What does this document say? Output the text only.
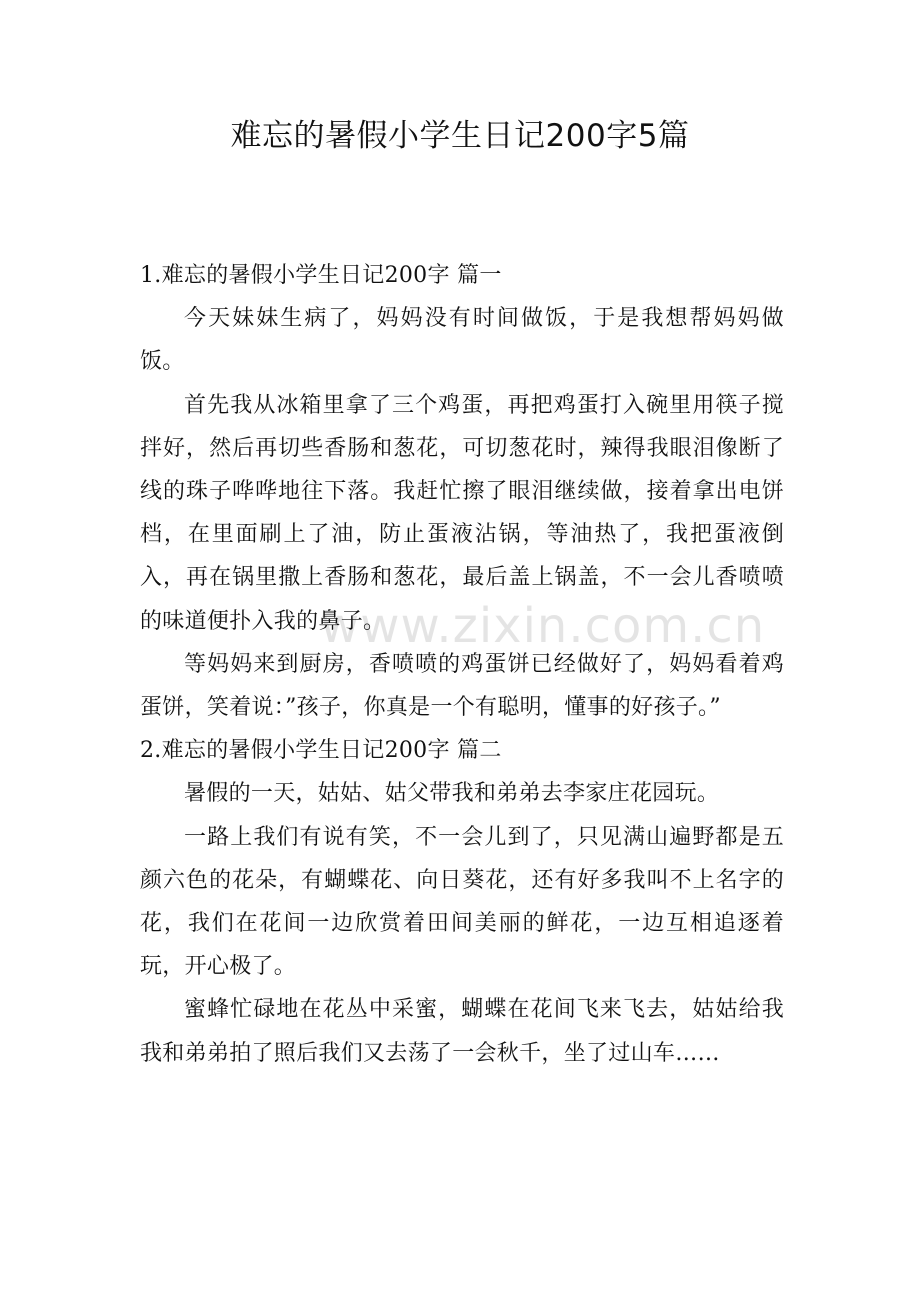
难忘的暑假小学生日记200字5篇
www.zixin.com.cn

1.难忘的暑假小学生日记200字 篇一

今天妹妹生病了，妈妈没有时间做饭，于是我想帮妈妈做饭。

首先我从冰箱里拿了三个鸡蛋，再把鸡蛋打入碗里用筷子搅拌好，然后再切些香肠和葱花，可切葱花时，辣得我眼泪像断了线的珠子哗哗地往下落。我赶忙擦了眼泪继续做，接着拿出电饼档，在里面刷上了油，防止蛋液沾锅，等油热了，我把蛋液倒入，再在锅里撒上香肠和葱花，最后盖上锅盖，不一会儿香喷喷的味道便扑入我的鼻子。

等妈妈来到厨房，香喷喷的鸡蛋饼已经做好了，妈妈看着鸡蛋饼，笑着说：”孩子，你真是一个有聪明，懂事的好孩子。”

2.难忘的暑假小学生日记200字 篇二

暑假的一天，姑姑、姑父带我和弟弟去李家庄花园玩。

一路上我们有说有笑，不一会儿到了，只见满山遍野都是五颜六色的花朵，有蝴蝶花、向日葵花，还有好多我叫不上名字的花，我们在花间一边欣赏着田间美丽的鲜花，一边互相追逐着玩，开心极了。

蜜蜂忙碌地在花丛中采蜜，蝴蝶在花间飞来飞去，姑姑给我我和弟弟拍了照后我们又去荡了一会秋千，坐了过山车……
